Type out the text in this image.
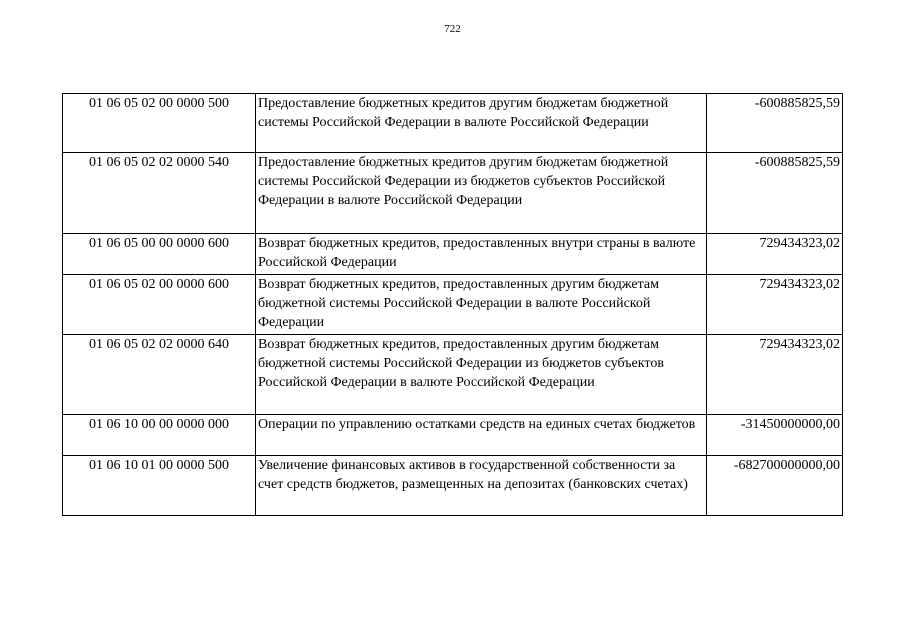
722
01 06 05 02 00 0000 500	Предоставление бюджетных кредитов другим бюджетам бюджетной системы Российской Федерации в валюте Российской Федерации	-600885825,59
01 06 05 02 02 0000 540	Предоставление бюджетных кредитов другим бюджетам бюджетной системы Российской Федерации из бюджетов субъектов Российской Федерации в валюте Российской Федерации	-600885825,59
01 06 05 00 00 0000 600	Возврат бюджетных кредитов, предоставленных внутри страны в валюте Российской Федерации	729434323,02
01 06 05 02 00 0000 600	Возврат бюджетных кредитов, предоставленных другим бюджетам бюджетной системы Российской Федерации в валюте Российской Федерации	729434323,02
01 06 05 02 02 0000 640	Возврат бюджетных кредитов, предоставленных другим бюджетам бюджетной системы Российской Федерации из бюджетов субъектов Российской Федерации в валюте Российской Федерации	729434323,02
01 06 10 00 00 0000 000	Операции по управлению остатками средств на единых счетах бюджетов	-31450000000,00
01 06 10 01 00 0000 500	Увеличение финансовых активов в государственной собственности за счет средств бюджетов, размещенных на депозитах (банковских счетах)	-682700000000,00
